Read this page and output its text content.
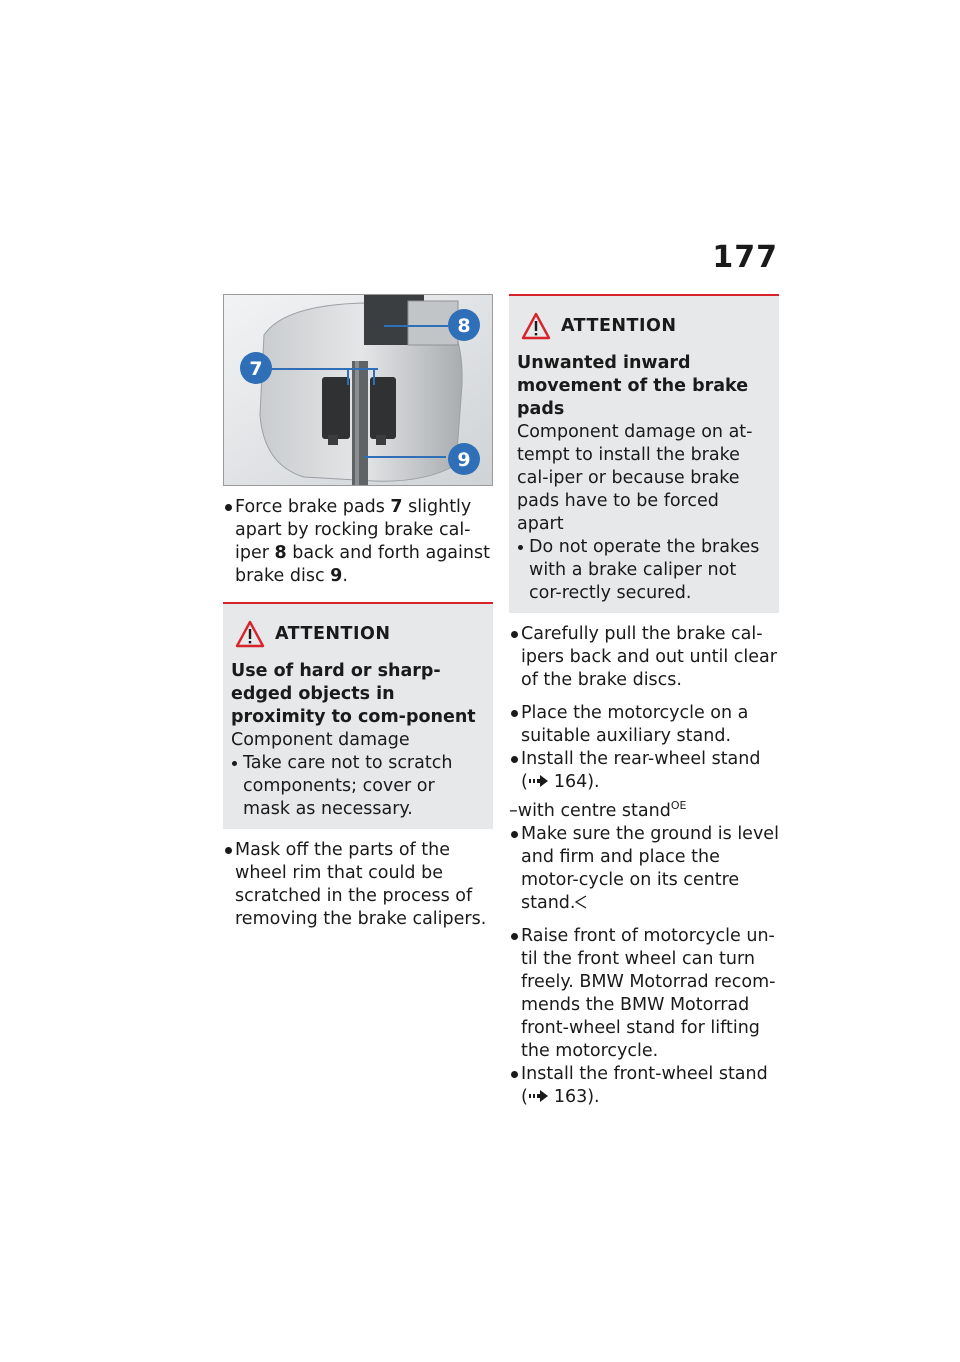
177
7
8
9
Force brake pads 7 slightly apart by rocking brake cal-iper 8 back and forth against brake disc 9.
ATTENTION
Use of hard or sharp-edged objects in proximity to com-ponent
Component damage
Take care not to scratch components; cover or mask as necessary.
Mask off the parts of the wheel rim that could be scratched in the process of removing the brake calipers.
ATTENTION
Unwanted inward movement of the brake pads
Component damage on at-tempt to install the brake cal-iper or because brake pads have to be forced apart
Do not operate the brakes with a brake caliper not cor-rectly secured.
Carefully pull the brake cal-ipers back and out until clear of the brake discs.
Place the motorcycle on a suitable auxiliary stand.
Install the rear-wheel stand
( 164).
–with centre stand$^{OE}$
Make sure the ground is level and firm and place the motor-cycle on its centre stand.
Raise front of motorcycle un-til the front wheel can turn freely. BMW Motorrad recom-mends the BMW Motorrad front-wheel stand for lifting the motorcycle.
Install the front-wheel stand
( 163).
